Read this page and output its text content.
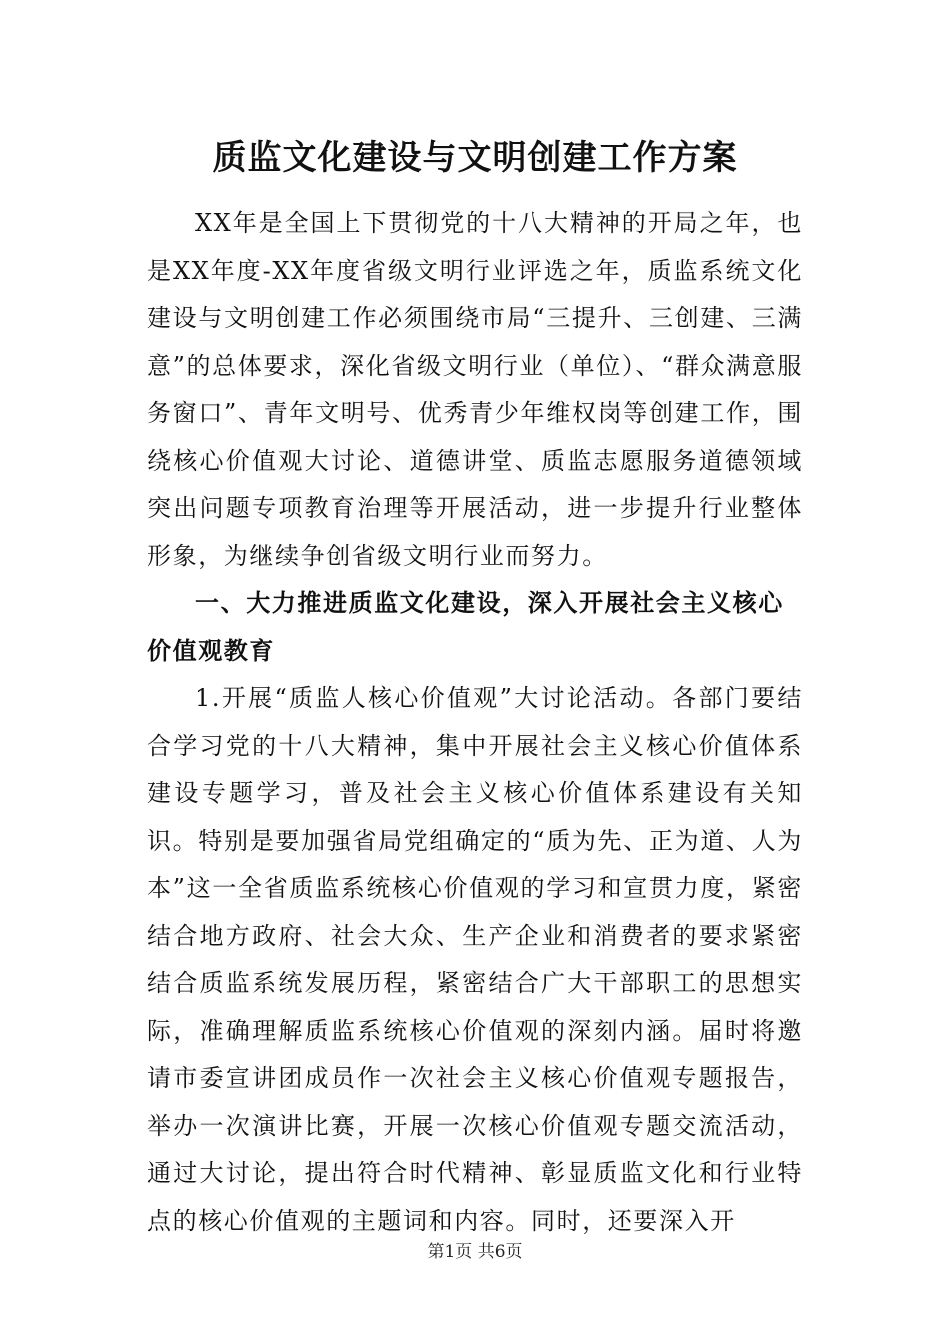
质监文化建设与文明创建工作方案

XX年是全国上下贯彻党的十八大精神的开局之年，也是XX年度-XX年度省级文明行业评选之年，质监系统文化建设与文明创建工作必须围绕市局“三提升、三创建、三满意”的总体要求，深化省级文明行业（单位）、“群众满意服务窗口”、青年文明号、优秀青少年维权岗等创建工作，围绕核心价值观大讨论、道德讲堂、质监志愿服务道德领域突出问题专项教育治理等开展活动，进一步提升行业整体形象，为继续争创省级文明行业而努力。

一、大力推进质监文化建设，深入开展社会主义核心价值观教育

1.开展“质监人核心价值观”大讨论活动。各部门要结合学习党的十八大精神，集中开展社会主义核心价值体系建设专题学习，普及社会主义核心价值体系建设有关知识。特别是要加强省局党组确定的“质为先、正为道、人为本”这一全省质监系统核心价值观的学习和宣贯力度，紧密结合地方政府、社会大众、生产企业和消费者的要求紧密结合质监系统发展历程，紧密结合广大干部职工的思想实际，准确理解质监系统核心价值观的深刻内涵。届时将邀请市委宣讲团成员作一次社会主义核心价值观专题报告，举办一次演讲比赛，开展一次核心价值观专题交流活动，通过大讨论，提出符合时代精神、彰显质监文化和行业特点的核心价值观的主题词和内容。同时，还要深入开

第1页 共6页
